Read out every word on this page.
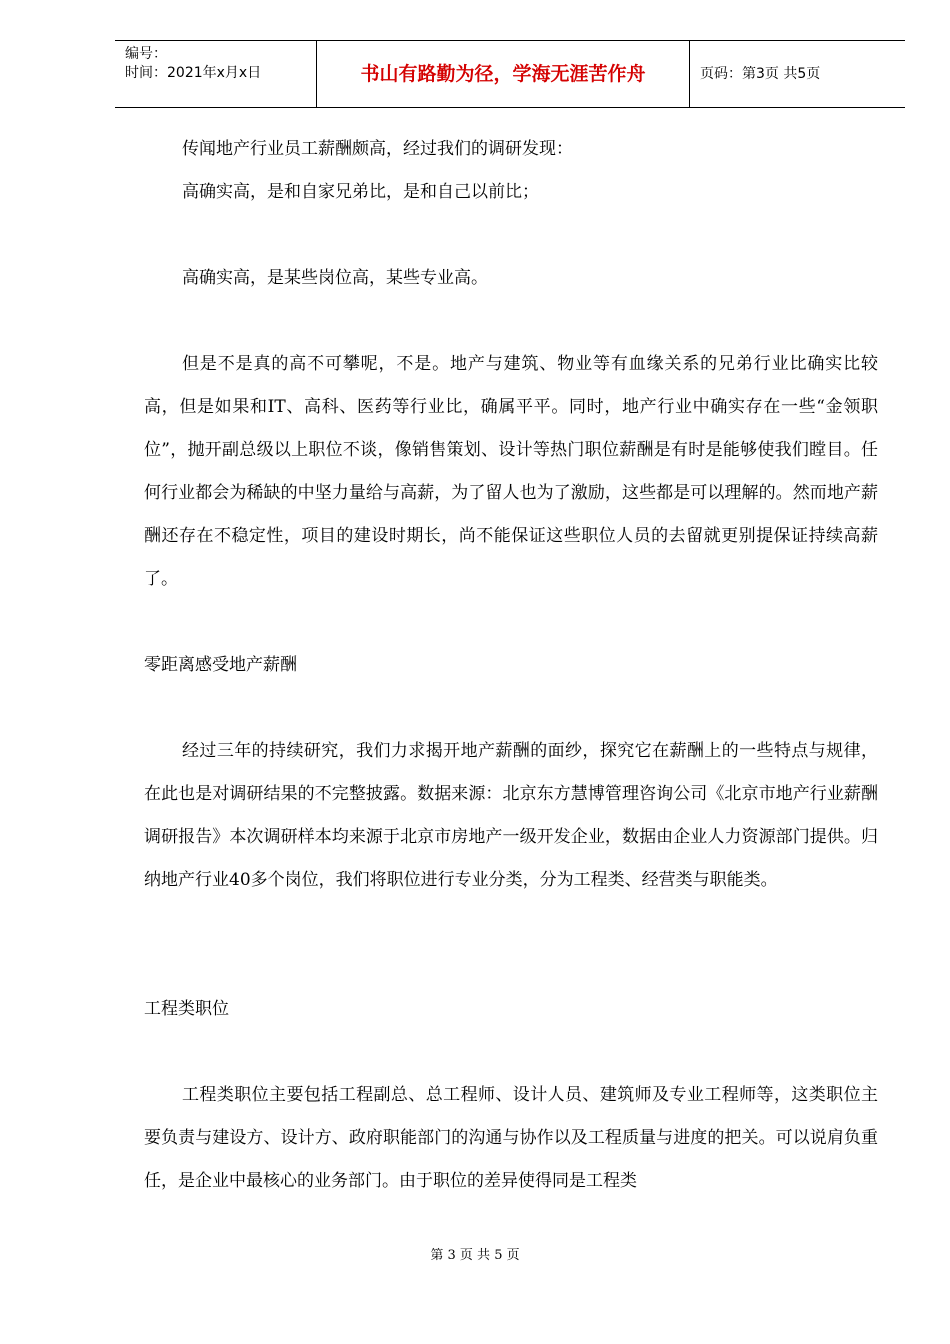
编号：
时间：2021年x月x日	书山有路勤为径，学海无涯苦作舟	页码：第3页 共5页

传闻地产行业员工薪酬颇高，经过我们的调研发现：

高确实高，是和自家兄弟比，是和自己以前比；

高确实高，是某些岗位高，某些专业高。

但是不是真的高不可攀呢，不是。地产与建筑、物业等有血缘关系的兄弟行业比确实比较高，但是如果和IT、高科、医药等行业比，确属平平。同时，地产行业中确实存在一些“金领职位”，抛开副总级以上职位不谈，像销售策划、设计等热门职位薪酬是有时是能够使我们瞠目。任何行业都会为稀缺的中坚力量给与高薪，为了留人也为了激励，这些都是可以理解的。然而地产薪酬还存在不稳定性，项目的建设时期长，尚不能保证这些职位人员的去留就更别提保证持续高薪了。

零距离感受地产薪酬

经过三年的持续研究，我们力求揭开地产薪酬的面纱，探究它在薪酬上的一些特点与规律，在此也是对调研结果的不完整披露。数据来源：北京东方慧博管理咨询公司《北京市地产行业薪酬调研报告》本次调研样本均来源于北京市房地产一级开发企业，数据由企业人力资源部门提供。归纳地产行业40多个岗位，我们将职位进行专业分类，分为工程类、经营类与职能类。

工程类职位

工程类职位主要包括工程副总、总工程师、设计人员、建筑师及专业工程师等，这类职位主要负责与建设方、设计方、政府职能部门的沟通与协作以及工程质量与进度的把关。可以说肩负重任，是企业中最核心的业务部门。由于职位的差异使得同是工程类

第 3 页 共 5 页
